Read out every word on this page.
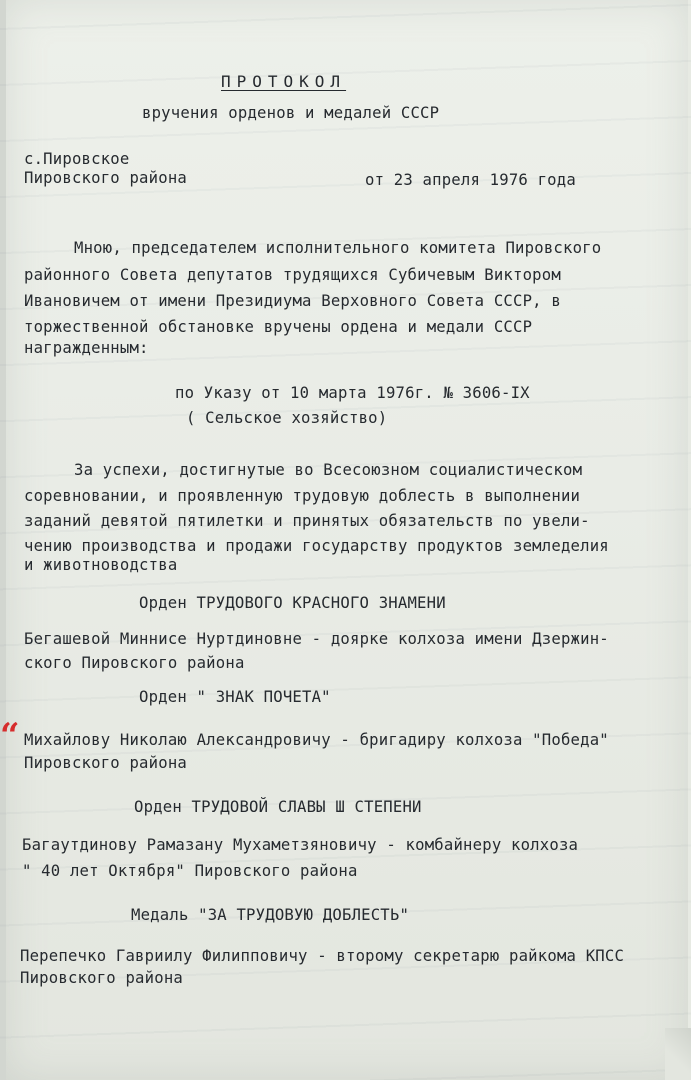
“
ПРОТОКОЛ
вручения орденов и медалей СССР
с.Пировское
Пировского района	от 23 апреля 1976 года
Мною, председателем исполнительного комитета Пировского
районного Совета депутатов трудящихся Субичевым Виктором
Ивановичем от имени Президиума Верховного Совета СССР, в
торжественной обстановке вручены ордена и медали СССР
награжденным:
по Указу от 10 марта 1976г. № 3606-IX
( Сельское хозяйство)
За успехи, достигнутые во Всесоюзном социалистическом
соревновании, и проявленную трудовую доблесть в выполнении
заданий девятой пятилетки и принятых обязательств по увели-
чению производства и продажи государству продуктов земледелия
и животноводства
Орден ТРУДОВОГО КРАСНОГО ЗНАМЕНИ
Бегашевой Миннисе Нуртдиновне - доярке колхоза имени Дзержин-
ского Пировского района
Орден " ЗНАК ПОЧЕТА"
Михайлову Николаю Александровичу - бригадиру колхоза "Победа"
Пировского района
Орден ТРУДОВОЙ СЛАВЫ Ш СТЕПЕНИ
Багаутдинову Рамазану Мухаметзяновичу - комбайнеру колхоза
" 40 лет Октября" Пировского района
Медаль "ЗА ТРУДОВУЮ ДОБЛЕСТЬ"
Перепечко Гавриилу Филипповичу - второму секретарю райкома КПСС
Пировского района
